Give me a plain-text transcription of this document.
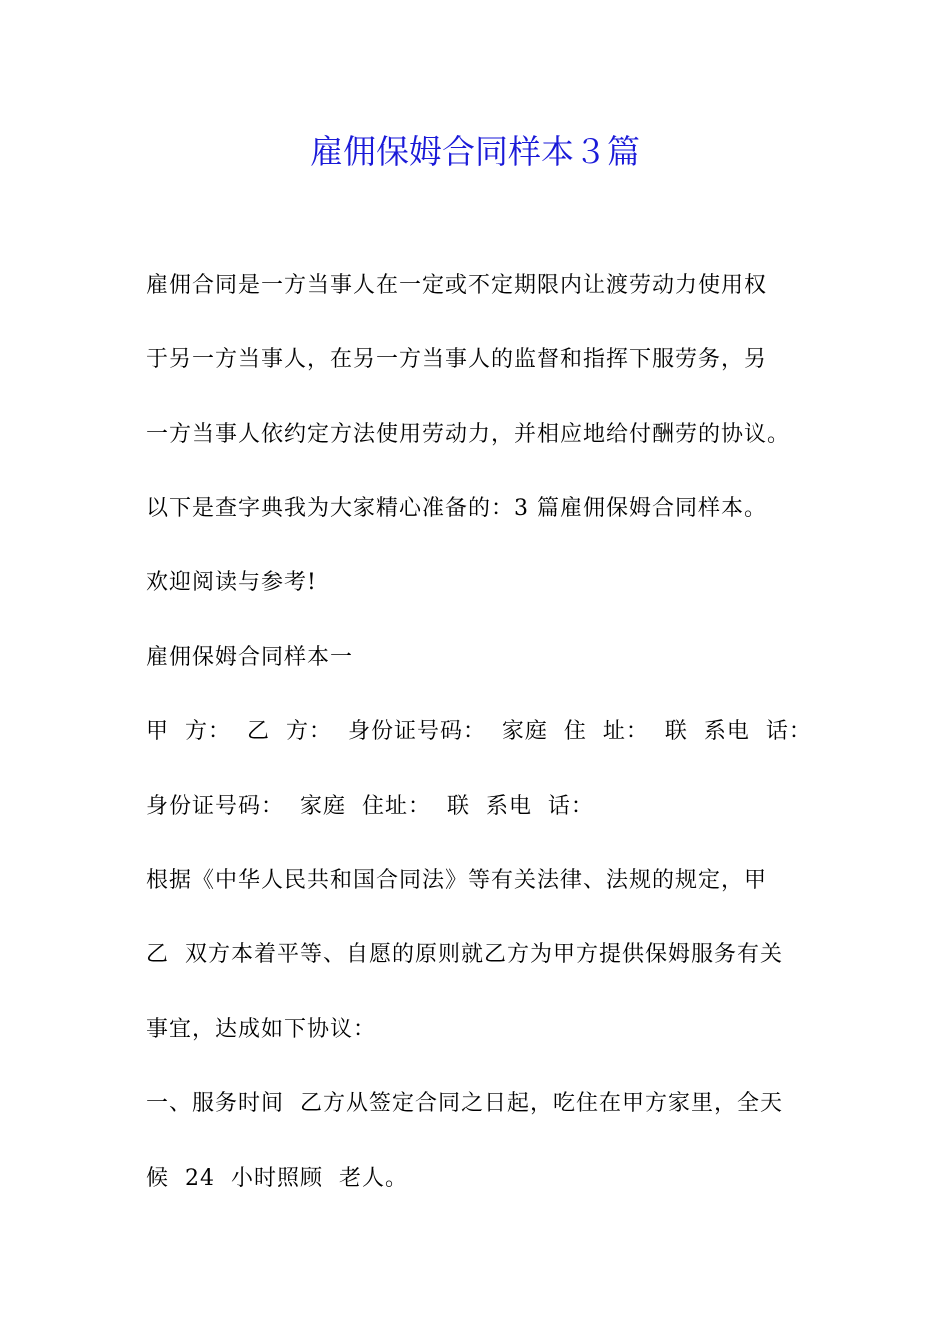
雇佣保姆合同样本３篇

雇佣合同是一方当事人在一定或不定期限内让渡劳动力使用权

于另一方当事人，在另一方当事人的监督和指挥下服劳务，另

一方当事人依约定方法使用劳动力，并相应地给付酬劳的协议。

以下是查字典我为大家精心准备的：3 篇雇佣保姆合同样本。

欢迎阅读与参考!

雇佣保姆合同样本一

甲  方：  乙  方：  身份证号码：  家庭  住  址：  联  系电  话：

身份证号码：  家庭  住址：  联  系电  话：

根据《中华人民共和国合同法》等有关法律、法规的规定，甲

乙  双方本着平等、自愿的原则就乙方为甲方提供保姆服务有关

事宜，达成如下协议：

一、服务时间  乙方从签定合同之日起，吃住在甲方家里，全天

候  24  小时照顾  老人。
